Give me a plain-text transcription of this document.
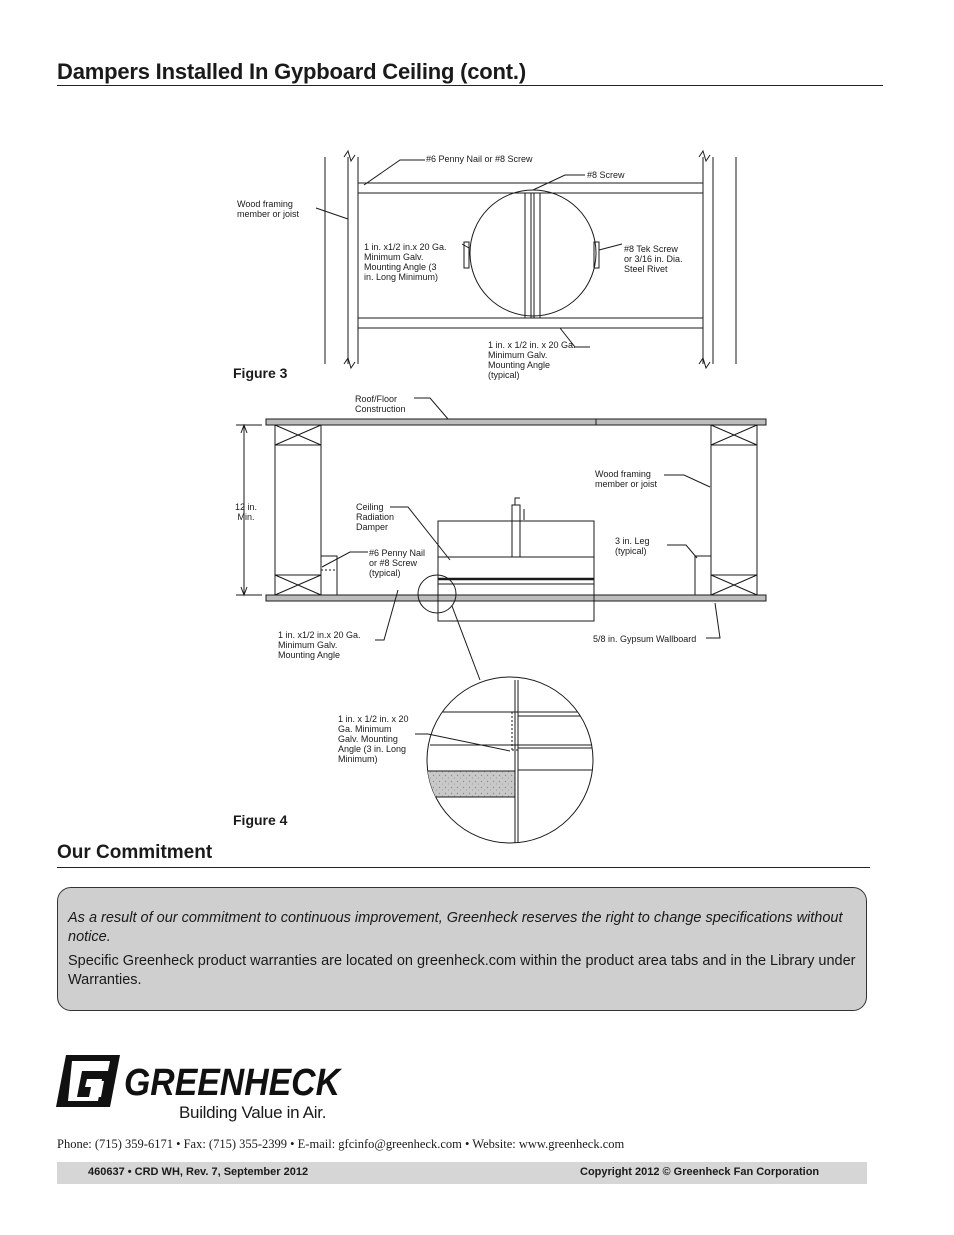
Dampers Installed In Gypboard Ceiling (cont.)
#6 Penny Nail or #8 Screw
#8 Screw
Wood framing
member or joist
1 in. x1/2 in.x 20 Ga.
Minimum Galv.
Mounting Angle (3
in. Long Minimum)
#8 Tek Screw
or 3/16 in. Dia.
Steel Rivet
1 in. x 1/2 in. x 20 Ga.
Minimum Galv.
Mounting Angle
(typical)
Figure 3
Roof/Floor
Construction
Wood framing
member or joist
12 in.
Min.
Ceiling
Radiation
Damper
3 in. Leg
(typical)
#6 Penny Nail
or #8 Screw
(typical)
1 in. x1/2 in.x 20 Ga.
Minimum Galv.
Mounting Angle
5/8 in. Gypsum Wallboard
1 in. x 1/2 in. x 20
Ga. Minimum
Galv. Mounting
Angle (3 in. Long
Minimum)
Figure 4
Our Commitment
As a result of our commitment to continuous improvement, Greenheck reserves the right to change specifications without notice.
Specific Greenheck product warranties are located on greenheck.com within the product area tabs and in the Library under Warranties.
GREENHECK
Building Value in Air.
Phone: (715) 359-6171 • Fax: (715) 355-2399 • E-mail: gfcinfo@greenheck.com • Website: www.greenheck.com
460637 • CRD WH, Rev. 7, September 2012	Copyright 2012 © Greenheck Fan Corporation
